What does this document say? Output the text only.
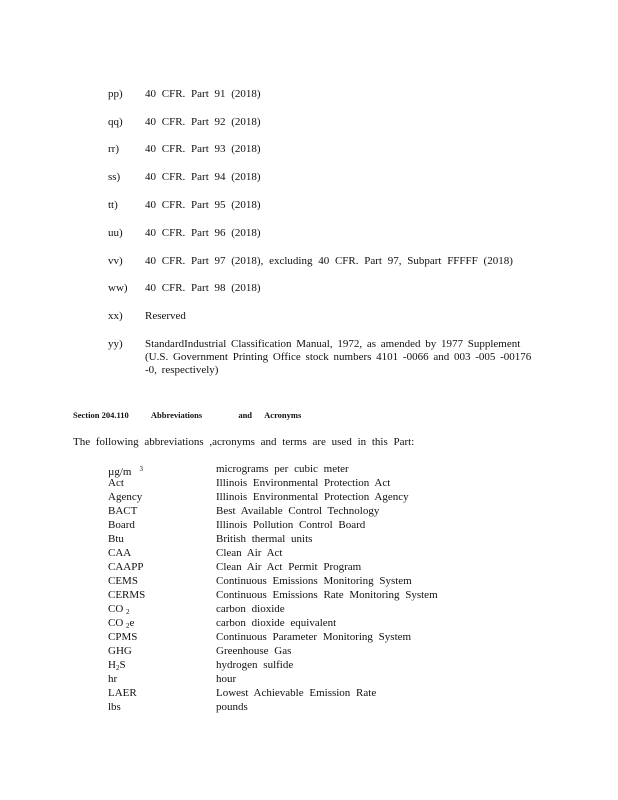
pp)	40 CFR. Part 91 (2018)
qq)	40 CFR. Part 92 (2018)
rr)	40 CFR. Part 93 (2018)
ss)	40 CFR. Part 94 (2018)
tt)	40 CFR. Part 95 (2018)
uu)	40 CFR. Part 96 (2018)
vv)	40 CFR. Part 97 (2018), excluding 40 CFR. Part 97, Subpart FFFFF (2018)
ww)	40 CFR. Part 98 (2018)
xx)	Reserved
yy)	StandardIndustrial Classification Manual, 1972, as amended by 1977 Supplement (U.S. Government Printing Office stock numbers 4101 -0066 and 003 -005 -00176 -0, respectively)
Section 204.110	Abbreviations	and Acronyms
The following abbreviations ,acronyms and terms are used in this Part:
µg/m $^3$	micrograms per cubic meter
Act	Illinois Environmental Protection Act
Agency	Illinois Environmental Protection Agency
BACT	Best Available Control Technology
Board	Illinois Pollution Control Board
Btu	British thermal units
CAA	Clean Air Act
CAAPP	Clean Air Act Permit Program
CEMS	Continuous Emissions Monitoring System
CERMS	Continuous Emissions Rate Monitoring System
CO $_2$	carbon dioxide
CO $_2$e	carbon dioxide equivalent
CPMS	Continuous Parameter Monitoring System
GHG	Greenhouse Gas
$H_2S$	hydrogen sulfide
hr	hour
LAER	Lowest Achievable Emission Rate
lbs	pounds
